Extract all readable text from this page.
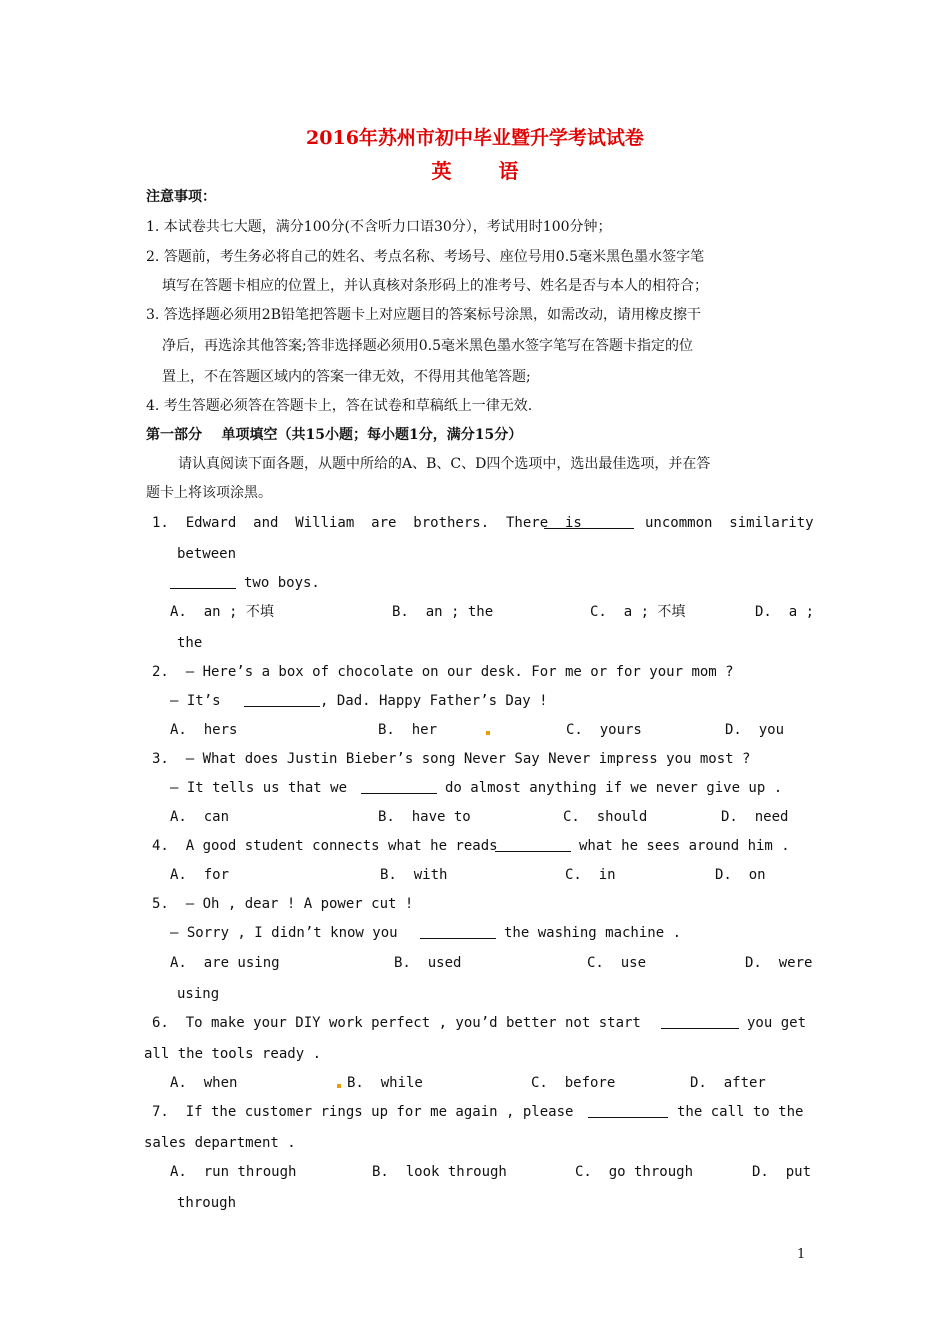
2016年苏州市初中毕业暨升学考试试卷
英 语
注意事项：
1. 本试卷共七大题，满分100分(不含听力口语30分），考试用时100分钟；
2. 答题前，考生务必将自己的姓名、考点名称、考场号、座位号用0.5毫米黑色墨水签字笔
填写在答题卡相应的位置上，并认真核对条形码上的准考号、姓名是否与本人的相符合；
3. 答选择题必须用2B铅笔把答题卡上对应题目的答案标号涂黑，如需改动，请用橡皮擦干
净后，再选涂其他答案;答非选择题必须用0.5毫米黑色墨水签字笔写在答题卡指定的位
置上，不在答题区域内的答案一律无效，不得用其他笔答题;
4. 考生答题必须答在答题卡上，答在试卷和草稿纸上一律无效.
第一部分    单项填空（共15小题；每小题1分，满分15分）
请认真阅读下面各题，从题中所给的A、B、C、D四个选项中，选出最佳选项，并在答
题卡上将该项涂黑。
1.  Edward  and  William  are  brothers.  There  is	uncommon  similarity
between
two boys.
A.  an ; 不填	B.  an ; the	C.  a ; 不填	D.  a ;
the
2.  — Here’s a box of chocolate on our desk. For me or for your mom ?
— It’s	, Dad. Happy Father’s Day !
A.  hers	B.  her	C.  yours	D.  you
3.  — What does Justin Bieber’s song Never Say Never impress you most ?
— It tells us that we	do almost anything if we never give up .
A.  can	B.  have to	C.  should	D.  need
4.  A good student connects what he reads	what he sees around him .
A.  for	B.  with	C.  in	D.  on
5.  — Oh , dear ! A power cut !
— Sorry , I didn’t know you	the washing machine .
A.  are using	B.  used	C.  use	D.  were
using
6.  To make your DIY work perfect , you’d better not start	you get
all the tools ready .
A.  when	B.  while	C.  before	D.  after
7.  If the customer rings up for me again , please	the call to the
sales department .
A.  run through	B.  look through	C.  go through	D.  put
through
1
